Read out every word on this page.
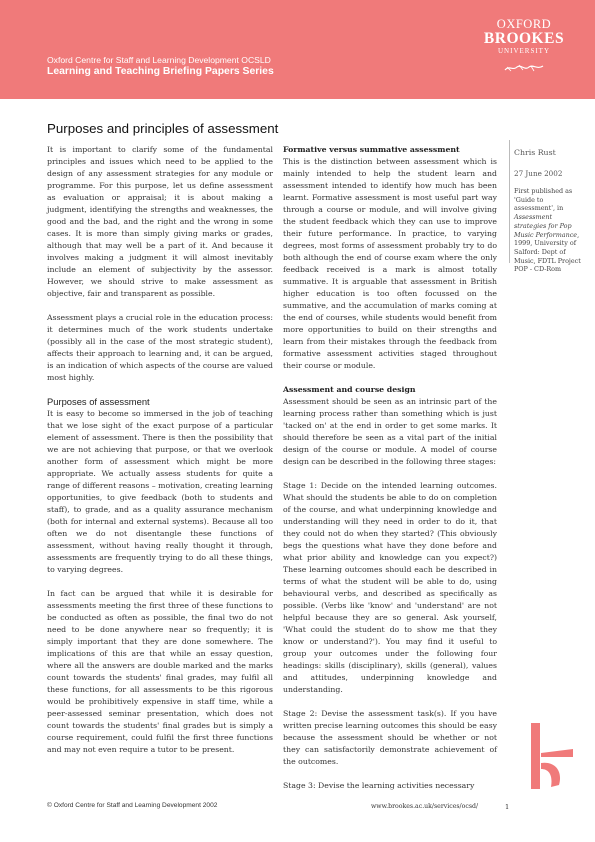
Oxford Centre for Staff and Learning Development OCSLD
Learning and Teaching Briefing Papers Series
OXFORD
BROOKES
UNIVERSITY
Purposes and principles of assessment

It is important to clarify some of the fundamental principles and issues which need to be applied to the design of any assessment strategies for any module or programme. For this purpose, let us define assessment as evaluation or appraisal; it is about making a judgment, identifying the strengths and weaknesses, the good and the bad, and the right and the wrong in some cases. It is more than simply giving marks or grades, although that may well be a part of it. And because it involves making a judgment it will almost inevitably include an element of subjectivity by the assessor. However, we should strive to make assessment as objective, fair and transparent as possible.

Assessment plays a crucial role in the education process: it determines much of the work students undertake (possibly all in the case of the most strategic student), affects their approach to learning and, it can be argued, is an indication of which aspects of the course are valued most highly.

Purposes of assessment

It is easy to become so immersed in the job of teaching that we lose sight of the exact purpose of a particular element of assessment. There is then the possibility that we are not achieving that purpose, or that we overlook another form of assessment which might be more appropriate. We actually assess students for quite a range of different reasons – motivation, creating learning opportunities, to give feedback (both to students and staff), to grade, and as a quality assurance mechanism (both for internal and external systems). Because all too often we do not disentangle these functions of assessment, without having really thought it through, assessments are frequently trying to do all these things, to varying degrees.

In fact can be argued that while it is desirable for assessments meeting the first three of these functions to be conducted as often as possible, the final two do not need to be done anywhere near so frequently; it is simply important that they are done somewhere. The implications of this are that while an essay question, where all the answers are double marked and the marks count towards the students' final grades, may fulfil all these functions, for all assessments to be this rigorous would be prohibitively expensive in staff time, while a peer-assessed seminar presentation, which does not count towards the students' final grades but is simply a course requirement, could fulfil the first three functions and may not even require a tutor to be present.

Formative versus summative assessment

This is the distinction between assessment which is mainly intended to help the student learn and assessment intended to identify how much has been learnt. Formative assessment is most useful part way through a course or module, and will involve giving the student feedback which they can use to improve their future performance. In practice, to varying degrees, most forms of assessment probably try to do both although the end of course exam where the only feedback received is a mark is almost totally summative. It is arguable that assessment in British higher education is too often focussed on the summative, and the accumulation of marks coming at the end of courses, while students would benefit from more opportunities to build on their strengths and learn from their mistakes through the feedback from formative assessment activities staged throughout their course or module.

Assessment and course design

Assessment should be seen as an intrinsic part of the learning process rather than something which is just 'tacked on' at the end in order to get some marks. It should therefore be seen as a vital part of the initial design of the course or module. A model of course design can be described in the following three stages:

Stage 1: Decide on the intended learning outcomes. What should the students be able to do on completion of the course, and what underpinning knowledge and understanding will they need in order to do it, that they could not do when they started? (This obviously begs the questions what have they done before and what prior ability and knowledge can you expect?) These learning outcomes should each be described in terms of what the student will be able to do, using behavioural verbs, and described as specifically as possible. (Verbs like 'know' and 'understand' are not helpful because they are so general. Ask yourself, 'What could the student do to show me that they know or understand?'). You may find it useful to group your outcomes under the following four headings: skills (disciplinary), skills (general), values and attitudes, underpinning knowledge and understanding.

Stage 2: Devise the assessment task(s). If you have written precise learning outcomes this should be easy because the assessment should be whether or not they can satisfactorily demonstrate achievement of the outcomes.

Stage 3: Devise the learning activities necessary

Chris Rust
27 June 2002
First published as 'Guide to assessment', in Assessment strategies for Pop Music Performance, 1999, University of Salford: Dept of Music, FDTL Project POP - CD-Rom
© Oxford Centre for Staff and Learning Development 2002	www.brookes.ac.uk/services/ocsd/	1
